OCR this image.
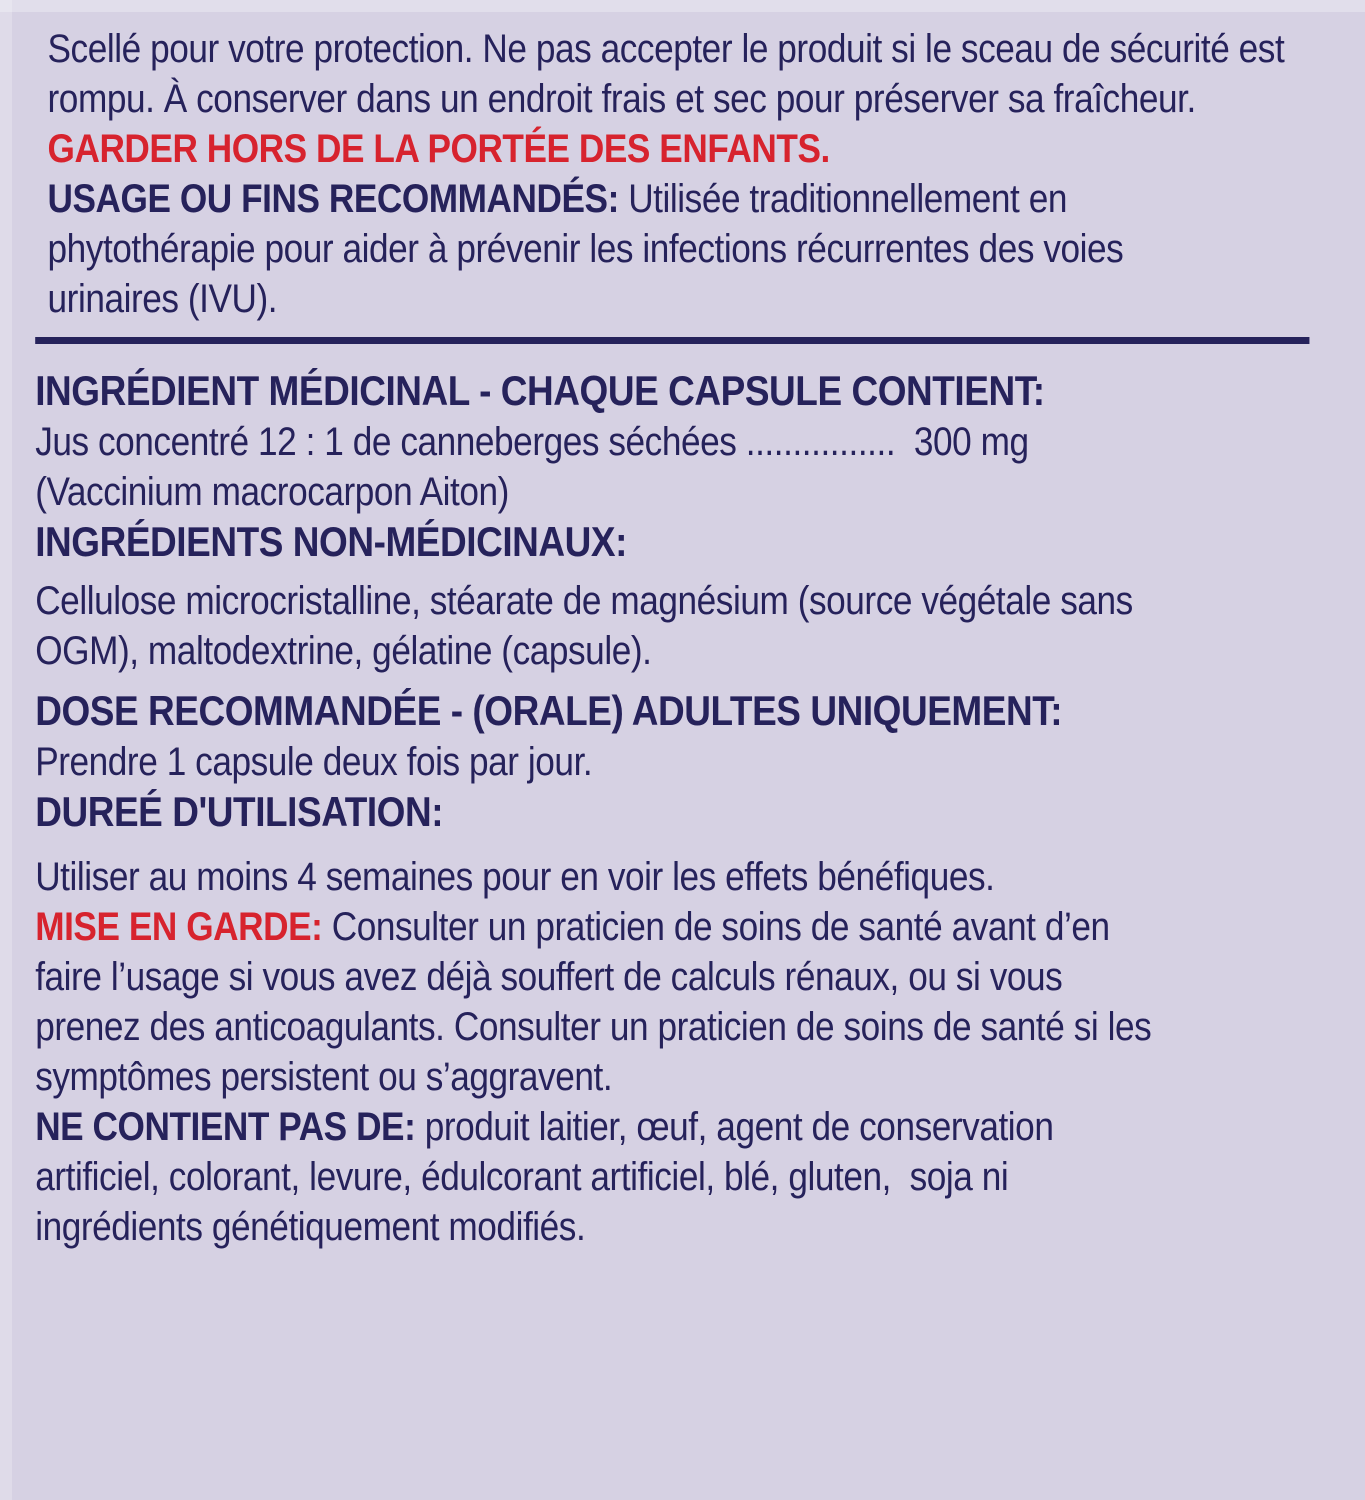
Scellé pour votre protection. Ne pas accepter le produit si le sceau de sécurité est

rompu. À conserver dans un endroit frais et sec pour préserver sa fraîcheur.

GARDER HORS DE LA PORTÉE DES ENFANTS.

USAGE OU FINS RECOMMANDÉS: Utilisée traditionnellement en

phytothérapie pour aider à prévenir les infections récurrentes des voies

urinaires (IVU).

INGRÉDIENT MÉDICINAL - CHAQUE CAPSULE CONTIENT:

Jus concentré 12 : 1 de canneberges séchées ................  300 mg

(Vaccinium macrocarpon Aiton)

INGRÉDIENTS NON-MÉDICINAUX:

Cellulose microcristalline, stéarate de magnésium (source végétale sans

OGM), maltodextrine, gélatine (capsule).

DOSE RECOMMANDÉE - (ORALE) ADULTES UNIQUEMENT:

Prendre 1 capsule deux fois par jour.

DUREÉ D'UTILISATION:

Utiliser au moins 4 semaines pour en voir les effets bénéfiques.

MISE EN GARDE: Consulter un praticien de soins de santé avant d’en

faire l’usage si vous avez déjà souffert de calculs rénaux, ou si vous

prenez des anticoagulants. Consulter un praticien de soins de santé si les

symptômes persistent ou s’aggravent.

NE CONTIENT PAS DE: produit laitier, œuf, agent de conservation

artificiel, colorant, levure, édulcorant artificiel, blé, gluten,  soja ni

ingrédients génétiquement modifiés.
